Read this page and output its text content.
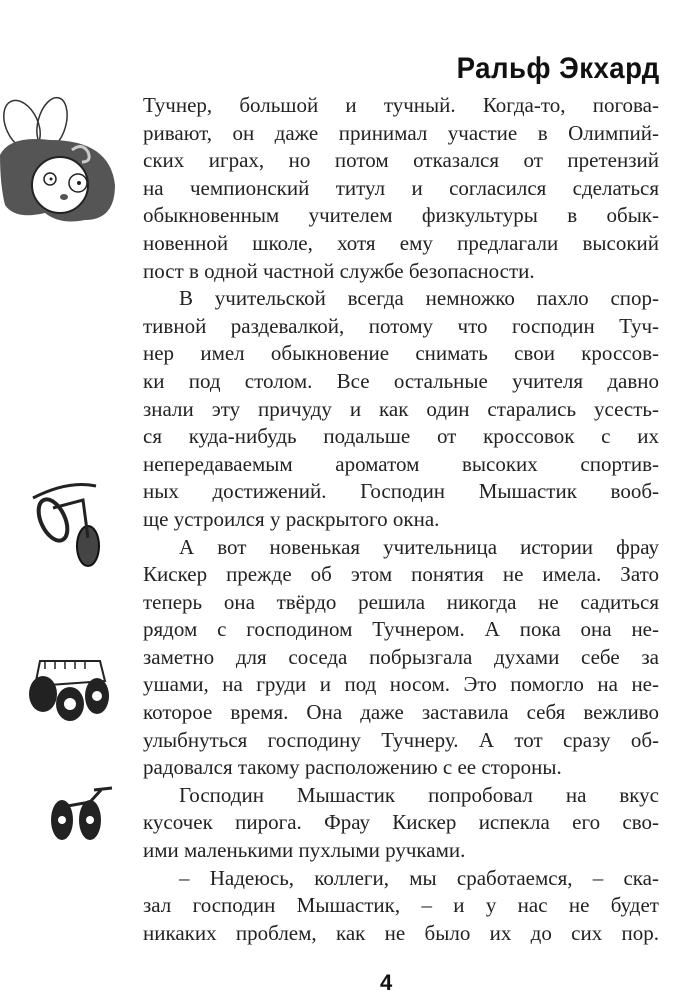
Ральф Экхард
Тучнер, большой и тучный. Когда-то, погова-
ривают, он даже принимал участие в Олимпий-
ских играх, но потом отказался от претензий
на чемпионский титул и согласился сделаться
обыкновенным учителем физкультуры в обык-
новенной школе, хотя ему предлагали высокий
пост в одной частной службе безопасности.
В учительской всегда немножко пахло спор-
тивной раздевалкой, потому что господин Туч-
нер имел обыкновение снимать свои кроссов-
ки под столом. Все остальные учителя давно
знали эту причуду и как один старались усесть-
ся куда-нибудь подальше от кроссовок с их
непередаваемым ароматом высоких спортив-
ных достижений. Господин Мышастик вооб-
ще устроился у раскрытого окна.
А вот новенькая учительница истории фрау
Кискер прежде об этом понятия не имела. Зато
теперь она твёрдо решила никогда не садиться
рядом с господином Тучнером. А пока она не-
заметно для соседа побрызгала духами себе за
ушами, на груди и под носом. Это помогло на не-
которое время. Она даже заставила себя вежливо
улыбнуться господину Тучнеру. А тот сразу об-
радовался такому расположению с ее стороны.
Господин Мышастик попробовал на вкус
кусочек пирога. Фрау Кискер испекла его сво-
ими маленькими пухлыми ручками.
– Надеюсь, коллеги, мы сработаемся, – ска-
зал господин Мышастик, – и у нас не будет
никаких проблем, как не было их до сих пор.
4
